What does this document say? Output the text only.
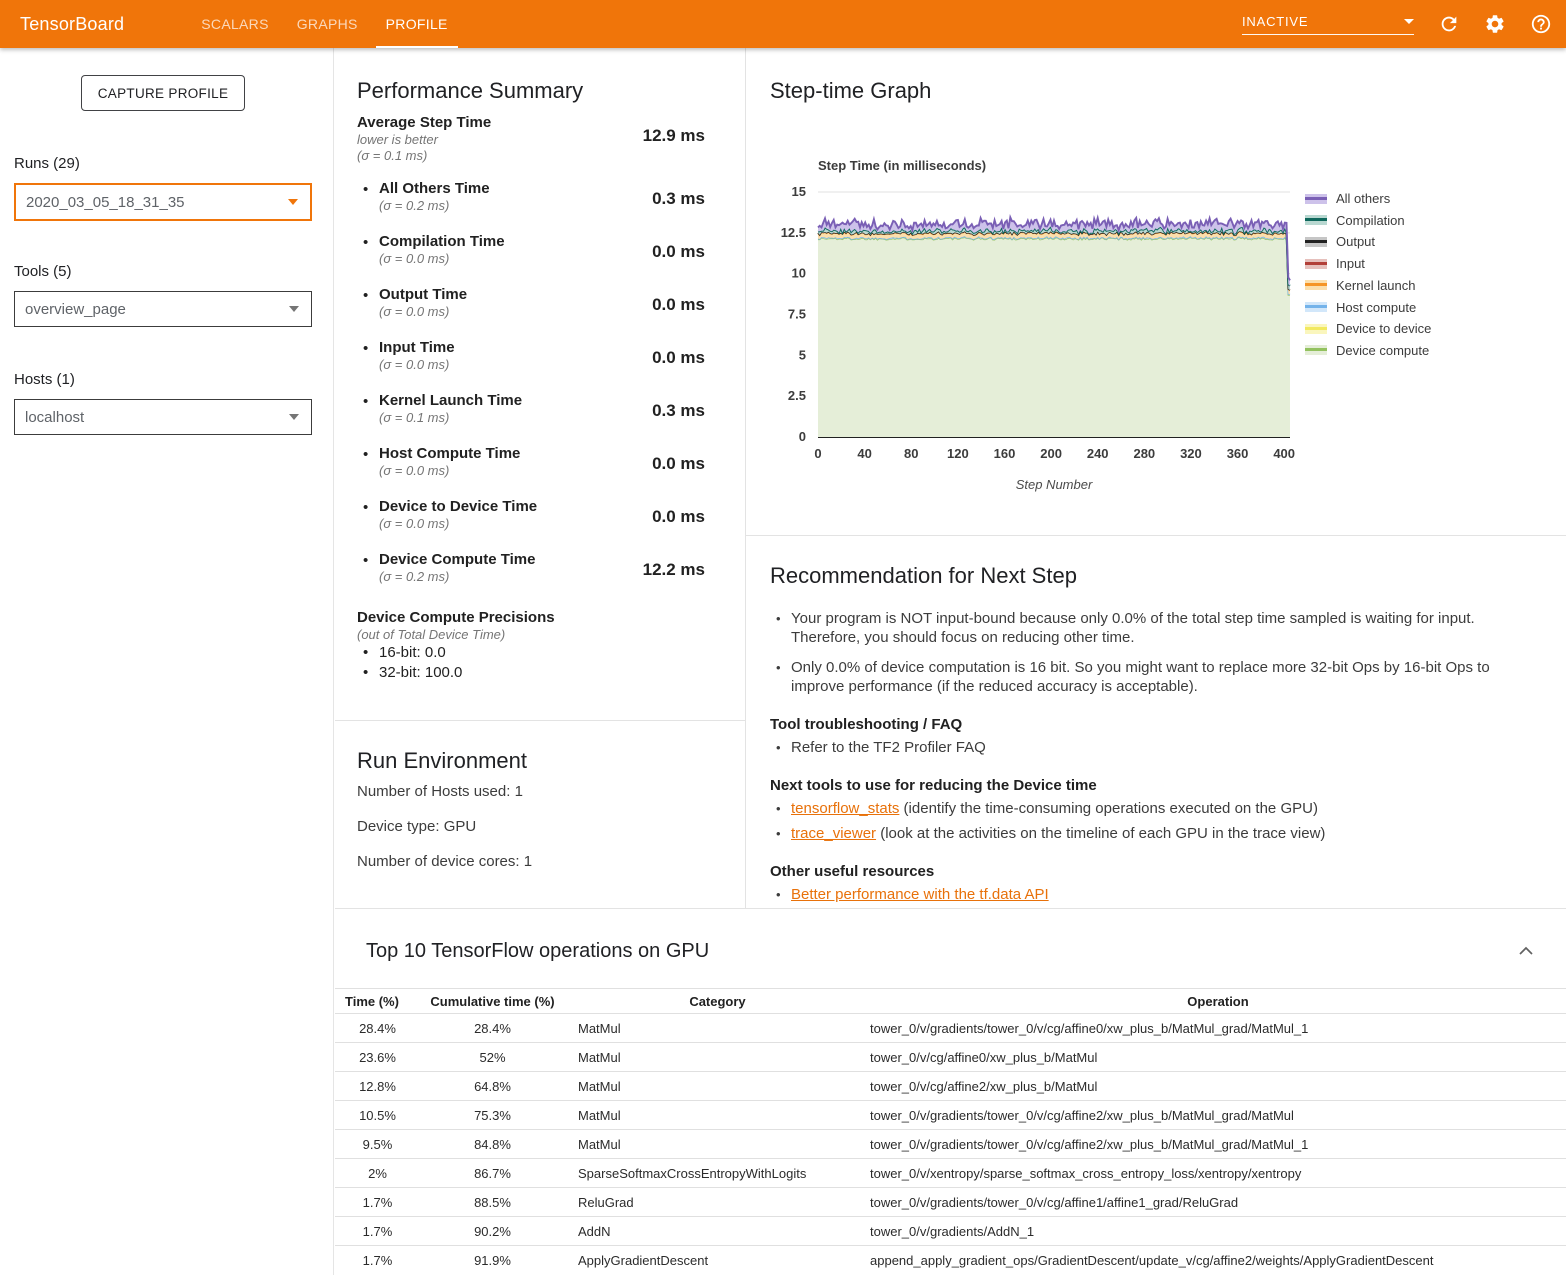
TensorBoard	SCALARS	GRAPHS	PROFILE	INACTIVE
CAPTURE PROFILE
Runs (29)
2020_03_05_18_31_35
Tools (5)
overview_page
Hosts (1)
localhost
Performance Summary
Average Step Time
lower is better
(σ = 0.1 ms)
12.9 ms
• All Others Time
(σ = 0.2 ms)	0.3 ms
• Compilation Time
(σ = 0.0 ms)	0.0 ms
• Output Time
(σ = 0.0 ms)	0.0 ms
• Input Time
(σ = 0.0 ms)	0.0 ms
• Kernel Launch Time
(σ = 0.1 ms)	0.3 ms
• Host Compute Time
(σ = 0.0 ms)	0.0 ms
• Device to Device Time
(σ = 0.0 ms)	0.0 ms
• Device Compute Time
(σ = 0.2 ms)	12.2 ms
Device Compute Precisions
(out of Total Device Time)
• 16-bit: 0.0
• 32-bit: 100.0
Run Environment
Number of Hosts used: 1
Device type: GPU
Number of device cores: 1
Step-time Graph
Step Time (in milliseconds)
0
2.5
5
7.5
10
12.5
15
0	40 80 120 160 200 240 280 320 360 400
Step Number
All others
Compilation
Output
Input
Kernel launch
Host compute
Device to device
Device compute
Recommendation for Next Step
• Your program is NOT input-bound because only 0.0% of the total step time sampled is waiting for input. Therefore, you should focus on reducing other time.
• Only 0.0% of device computation is 16 bit. So you might want to replace more 32-bit Ops by 16-bit Ops to improve performance (if the reduced accuracy is acceptable).
Tool troubleshooting / FAQ
• Refer to the TF2 Profiler FAQ
Next tools to use for reducing the Device time
• tensorflow_stats (identify the time-consuming operations executed on the GPU)
• trace_viewer (look at the activities on the timeline of each GPU in the trace view)
Other useful resources
• Better performance with the tf.data API
Top 10 TensorFlow operations on GPU
Time (%)	Cumulative time (%)	Category	Operation
28.4%	28.4%	MatMul	tower_0/v/gradients/tower_0/v/cg/affine0/xw_plus_b/MatMul_grad/MatMul_1
23.6%	52%	MatMul	tower_0/v/cg/affine0/xw_plus_b/MatMul
12.8%	64.8%	MatMul	tower_0/v/cg/affine2/xw_plus_b/MatMul
10.5%	75.3%	MatMul	tower_0/v/gradients/tower_0/v/cg/affine2/xw_plus_b/MatMul_grad/MatMul
9.5%	84.8%	MatMul	tower_0/v/gradients/tower_0/v/cg/affine2/xw_plus_b/MatMul_grad/MatMul_1
2%	86.7%	SparseSoftmaxCrossEntropyWithLogits	tower_0/v/xentropy/sparse_softmax_cross_entropy_loss/xentropy/xentropy
1.7%	88.5%	ReluGrad	tower_0/v/gradients/tower_0/v/cg/affine1/affine1_grad/ReluGrad
1.7%	90.2%	AddN	tower_0/v/gradients/AddN_1
1.7%	91.9%	ApplyGradientDescent	append_apply_gradient_ops/GradientDescent/update_v/cg/affine2/weights/ApplyGradientDescent
